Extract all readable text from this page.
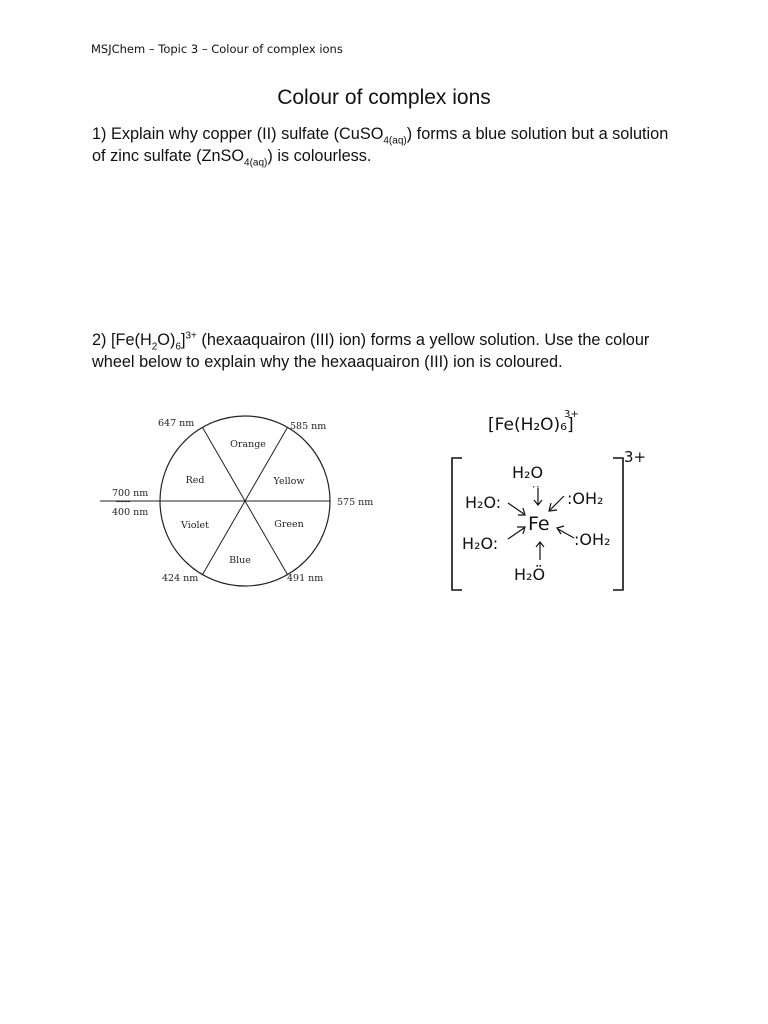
MSJChem – Topic 3 – Colour of complex ions
Colour of complex ions
1) Explain why copper (II) sulfate (CuSO$_{4(aq)}$) forms a blue solution but a solution of zinc sulfate (ZnSO$_{4(aq)}$) is colourless.
2) $[Fe(H_2O)_6]^{3+}$ (hexaaquairon (III) ion) forms a yellow solution. Use the colour wheel below to explain why the hexaaquairon (III) ion is coloured.
Orange
Yellow
Green
Blue
Violet
Red
647 nm	585 nm
575 nm
491 nm
424 nm
700 nm
------
400 nm
[Fe(H₂O)₆]
3+
3+
H₂O
:
H₂O:	:OH₂
Fe
H₂O:	:OH₂
H₂Ö
